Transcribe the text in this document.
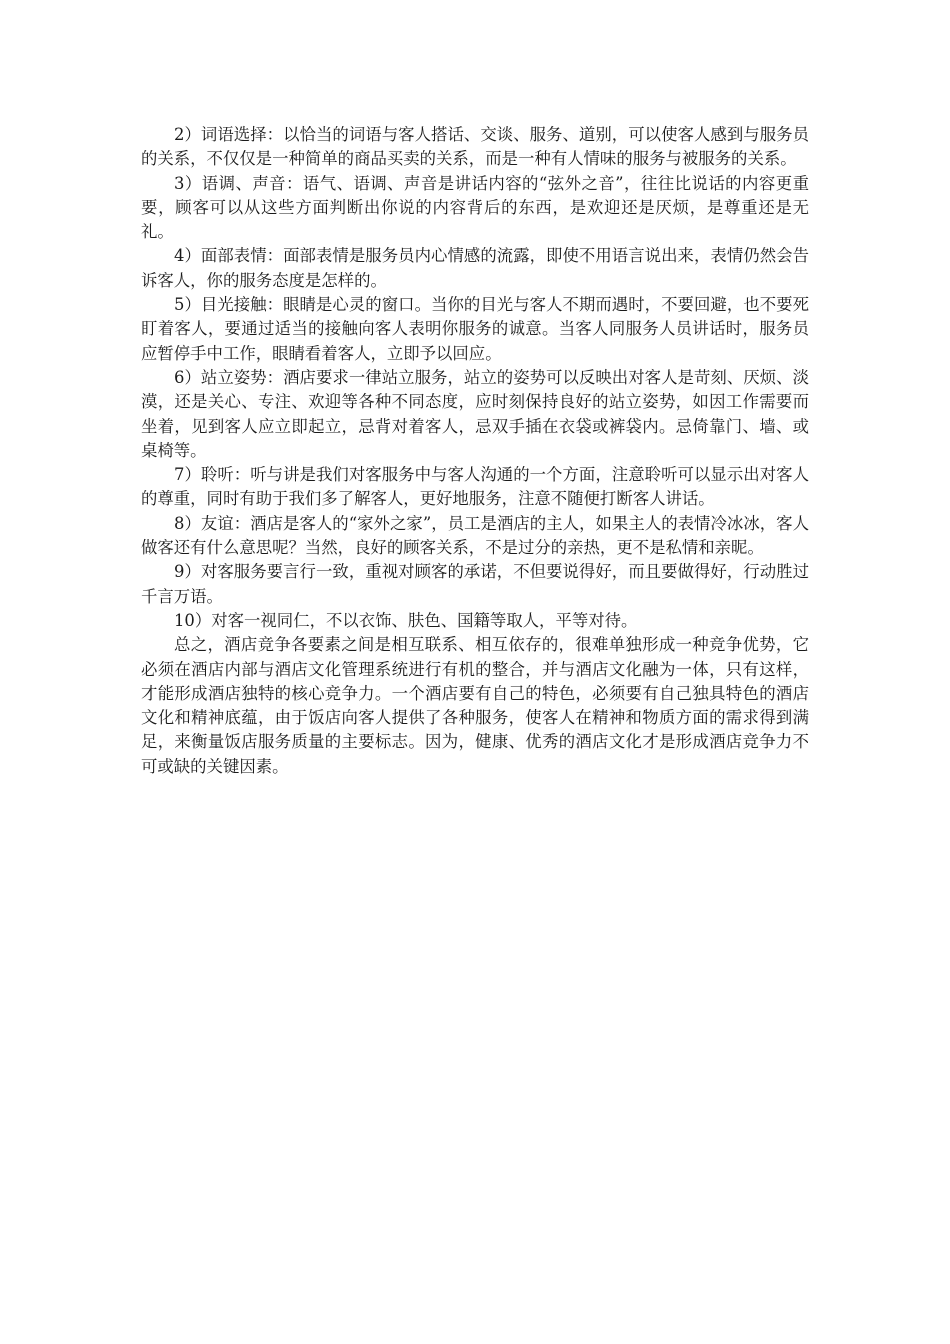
2）词语选择：以恰当的词语与客人搭话、交谈、服务、道别，可以使客人感到与服务员的关系，不仅仅是一种简单的商品买卖的关系，而是一种有人情味的服务与被服务的关系。

3）语调、声音：语气、语调、声音是讲话内容的“弦外之音”，往往比说话的内容更重要，顾客可以从这些方面判断出你说的内容背后的东西，是欢迎还是厌烦，是尊重还是无礼。

4）面部表情：面部表情是服务员内心情感的流露，即使不用语言说出来，表情仍然会告诉客人，你的服务态度是怎样的。

5）目光接触：眼睛是心灵的窗口。当你的目光与客人不期而遇时，不要回避，也不要死盯着客人，要通过适当的接触向客人表明你服务的诚意。当客人同服务人员讲话时，服务员应暂停手中工作，眼睛看着客人，立即予以回应。

6）站立姿势：酒店要求一律站立服务，站立的姿势可以反映出对客人是苛刻、厌烦、淡漠，还是关心、专注、欢迎等各种不同态度，应时刻保持良好的站立姿势，如因工作需要而坐着，见到客人应立即起立，忌背对着客人，忌双手插在衣袋或裤袋内。忌倚靠门、墙、或桌椅等。

7）聆听：听与讲是我们对客服务中与客人沟通的一个方面，注意聆听可以显示出对客人的尊重，同时有助于我们多了解客人，更好地服务，注意不随便打断客人讲话。

8）友谊：酒店是客人的“家外之家”，员工是酒店的主人，如果主人的表情冷冰冰，客人做客还有什么意思呢？当然，良好的顾客关系，不是过分的亲热，更不是私情和亲昵。

9）对客服务要言行一致，重视对顾客的承诺，不但要说得好，而且要做得好，行动胜过千言万语。

10）对客一视同仁，不以衣饰、肤色、国籍等取人，平等对待。

总之，酒店竞争各要素之间是相互联系、相互依存的，很难单独形成一种竞争优势，它必须在酒店内部与酒店文化管理系统进行有机的整合，并与酒店文化融为一体，只有这样，才能形成酒店独特的核心竞争力。一个酒店要有自己的特色，必须要有自己独具特色的酒店文化和精神底蕴，由于饭店向客人提供了各种服务，使客人在精神和物质方面的需求得到满足，来衡量饭店服务质量的主要标志。因为，健康、优秀的酒店文化才是形成酒店竞争力不可或缺的关键因素。
